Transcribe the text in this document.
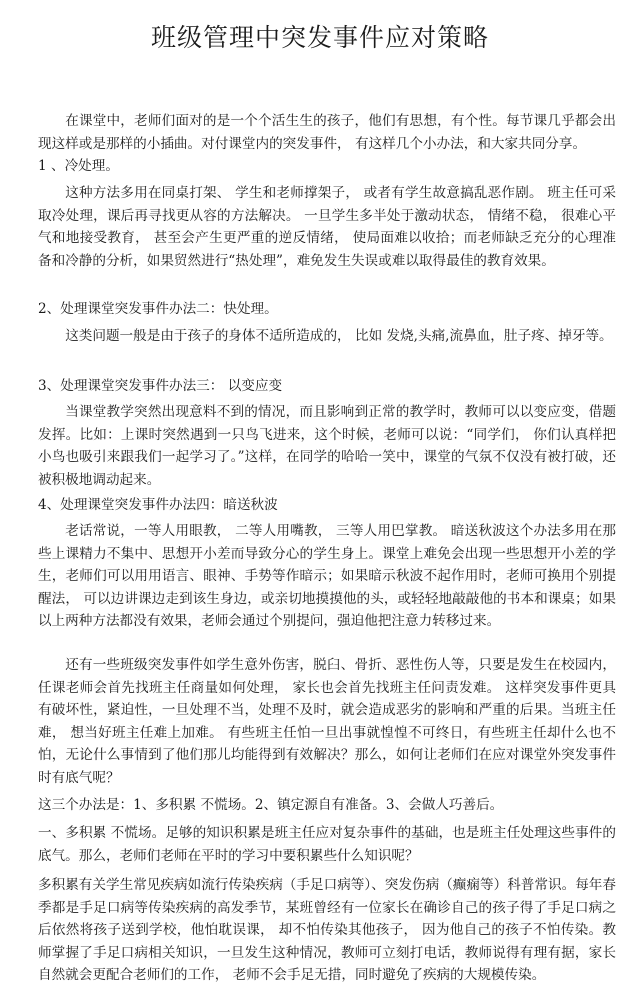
班级管理中突发事件应对策略
在课堂中，老师们面对的是一个个活生生的孩子，他们有思想，有个性。每节课几乎都会出现这样或是那样的小插曲。对付课堂内的突发事件， 有这样几个小办法，和大家共同分享。
1 、冷处理。
这种方法多用在同桌打架、 学生和老师撑架子， 或者有学生故意搞乱恶作剧。 班主任可采取冷处理，课后再寻找更从容的方法解决。 一旦学生多半处于激动状态， 情绪不稳， 很难心平气和地接受教育， 甚至会产生更严重的逆反情绪， 使局面难以收拾；而老师缺乏充分的心理准备和冷静的分析，如果贸然进行“热处理”，难免发生失误或难以取得最佳的教育效果。
2、处理课堂突发事件办法二：快处理。
这类问题一般是由于孩子的身体不适所造成的， 比如 发烧,头痛,流鼻血，肚子疼、掉牙等。
3、处理课堂突发事件办法三： 以变应变
当课堂教学突然出现意料不到的情况，而且影响到正常的教学时，教师可以以变应变，借题发挥。比如：上课时突然遇到一只鸟飞进来，这个时候，老师可以说：“同学们， 你们认真样把小鸟也吸引来跟我们一起学习了。”这样，在同学的哈哈一笑中，课堂的气氛不仅没有被打破，还被积极地调动起来。
4、处理课堂突发事件办法四：暗送秋波
老话常说，一等人用眼教， 二等人用嘴教， 三等人用巴掌教。 暗送秋波这个办法多用在那些上课精力不集中、思想开小差而导致分心的学生身上。课堂上难免会出现一些思想开小差的学生，老师们可以用用语言、眼神、手势等作暗示；如果暗示秋波不起作用时，老师可换用个别提醒法， 可以边讲课边走到该生身边，或亲切地摸摸他的头，或轻轻地敲敲他的书本和课桌；如果以上两种方法都没有效果，老师会通过个别提问，强迫他把注意力转移过来。
还有一些班级突发事件如学生意外伤害，脱臼、骨折、恶性伤人等，只要是发生在校园内，任课老师会首先找班主任商量如何处理， 家长也会首先找班主任问责发难。 这样突发事件更具有破坏性，紧迫性，一旦处理不当，处理不及时，就会造成恶劣的影响和严重的后果。当班主任难， 想当好班主任难上加难。 有些班主任怕一旦出事就惶惶不可终日，有些班主任却什么也不怕，无论什么事情到了他们那儿均能得到有效解决？那么，如何让老师们在应对课堂外突发事件时有底气呢？
这三个办法是：1、多积累 不慌场。2、镇定源自有准备。3、会做人巧善后。
一、多积累 不慌场。足够的知识积累是班主任应对复杂事件的基础，也是班主任处理这些事件的底气。那么，老师们老师在平时的学习中要积累些什么知识呢？
多积累有关学生常见疾病如流行传染疾病（手足口病等）、突发伤病（癫痫等）科普常识。每年春季都是手足口病等传染疾病的高发季节，某班曾经有一位家长在确诊自己的孩子得了手足口病之后依然将孩子送到学校，他怕耽误课， 却不怕传染其他孩子， 因为他自己的孩子不怕传染。教师掌握了手足口病相关知识，一旦发生这种情况，教师可立刻打电话，教师说得有理有据，家长自然就会更配合老师们的工作， 老师不会手足无措，同时避免了疾病的大规模传染。
